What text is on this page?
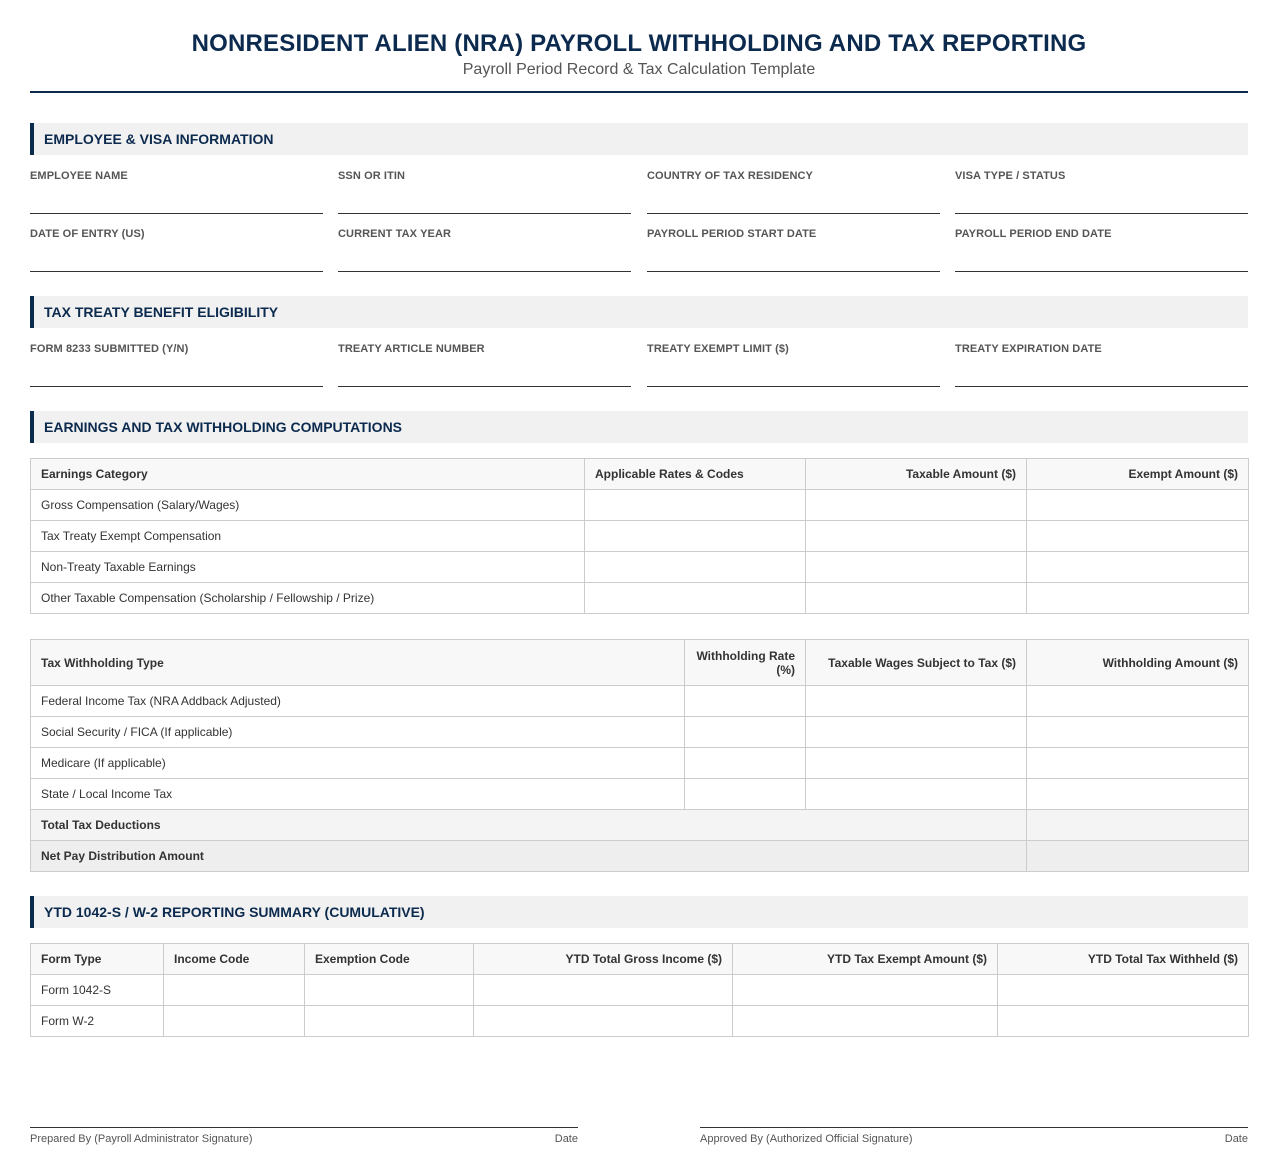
NONRESIDENT ALIEN (NRA) PAYROLL WITHHOLDING AND TAX REPORTING
Payroll Period Record & Tax Calculation Template
EMPLOYEE & VISA INFORMATION
EMPLOYEE NAME	SSN OR ITIN	COUNTRY OF TAX RESIDENCY	VISA TYPE / STATUS
DATE OF ENTRY (US)	CURRENT TAX YEAR	PAYROLL PERIOD START DATE	PAYROLL PERIOD END DATE
TAX TREATY BENEFIT ELIGIBILITY
FORM 8233 SUBMITTED (Y/N)	TREATY ARTICLE NUMBER	TREATY EXEMPT LIMIT ($)	TREATY EXPIRATION DATE
EARNINGS AND TAX WITHHOLDING COMPUTATIONS
Earnings Category	Applicable Rates & Codes	Taxable Amount ($)	Exempt Amount ($)
Gross Compensation (Salary/Wages)			
Tax Treaty Exempt Compensation			
Non-Treaty Taxable Earnings			
Other Taxable Compensation (Scholarship / Fellowship / Prize)			
Tax Withholding Type	Withholding Rate (%)	Taxable Wages Subject to Tax ($)	Withholding Amount ($)
Federal Income Tax (NRA Addback Adjusted)			
Social Security / FICA (If applicable)			
Medicare (If applicable)			
State / Local Income Tax			
Total Tax Deductions			
Net Pay Distribution Amount			
YTD 1042-S / W-2 REPORTING SUMMARY (CUMULATIVE)
Form Type	Income Code	Exemption Code	YTD Total Gross Income ($)	YTD Tax Exempt Amount ($)	YTD Total Tax Withheld ($)
Form 1042-S					
Form W-2					
Prepared By (Payroll Administrator Signature)	Date	Approved By (Authorized Official Signature)	Date
